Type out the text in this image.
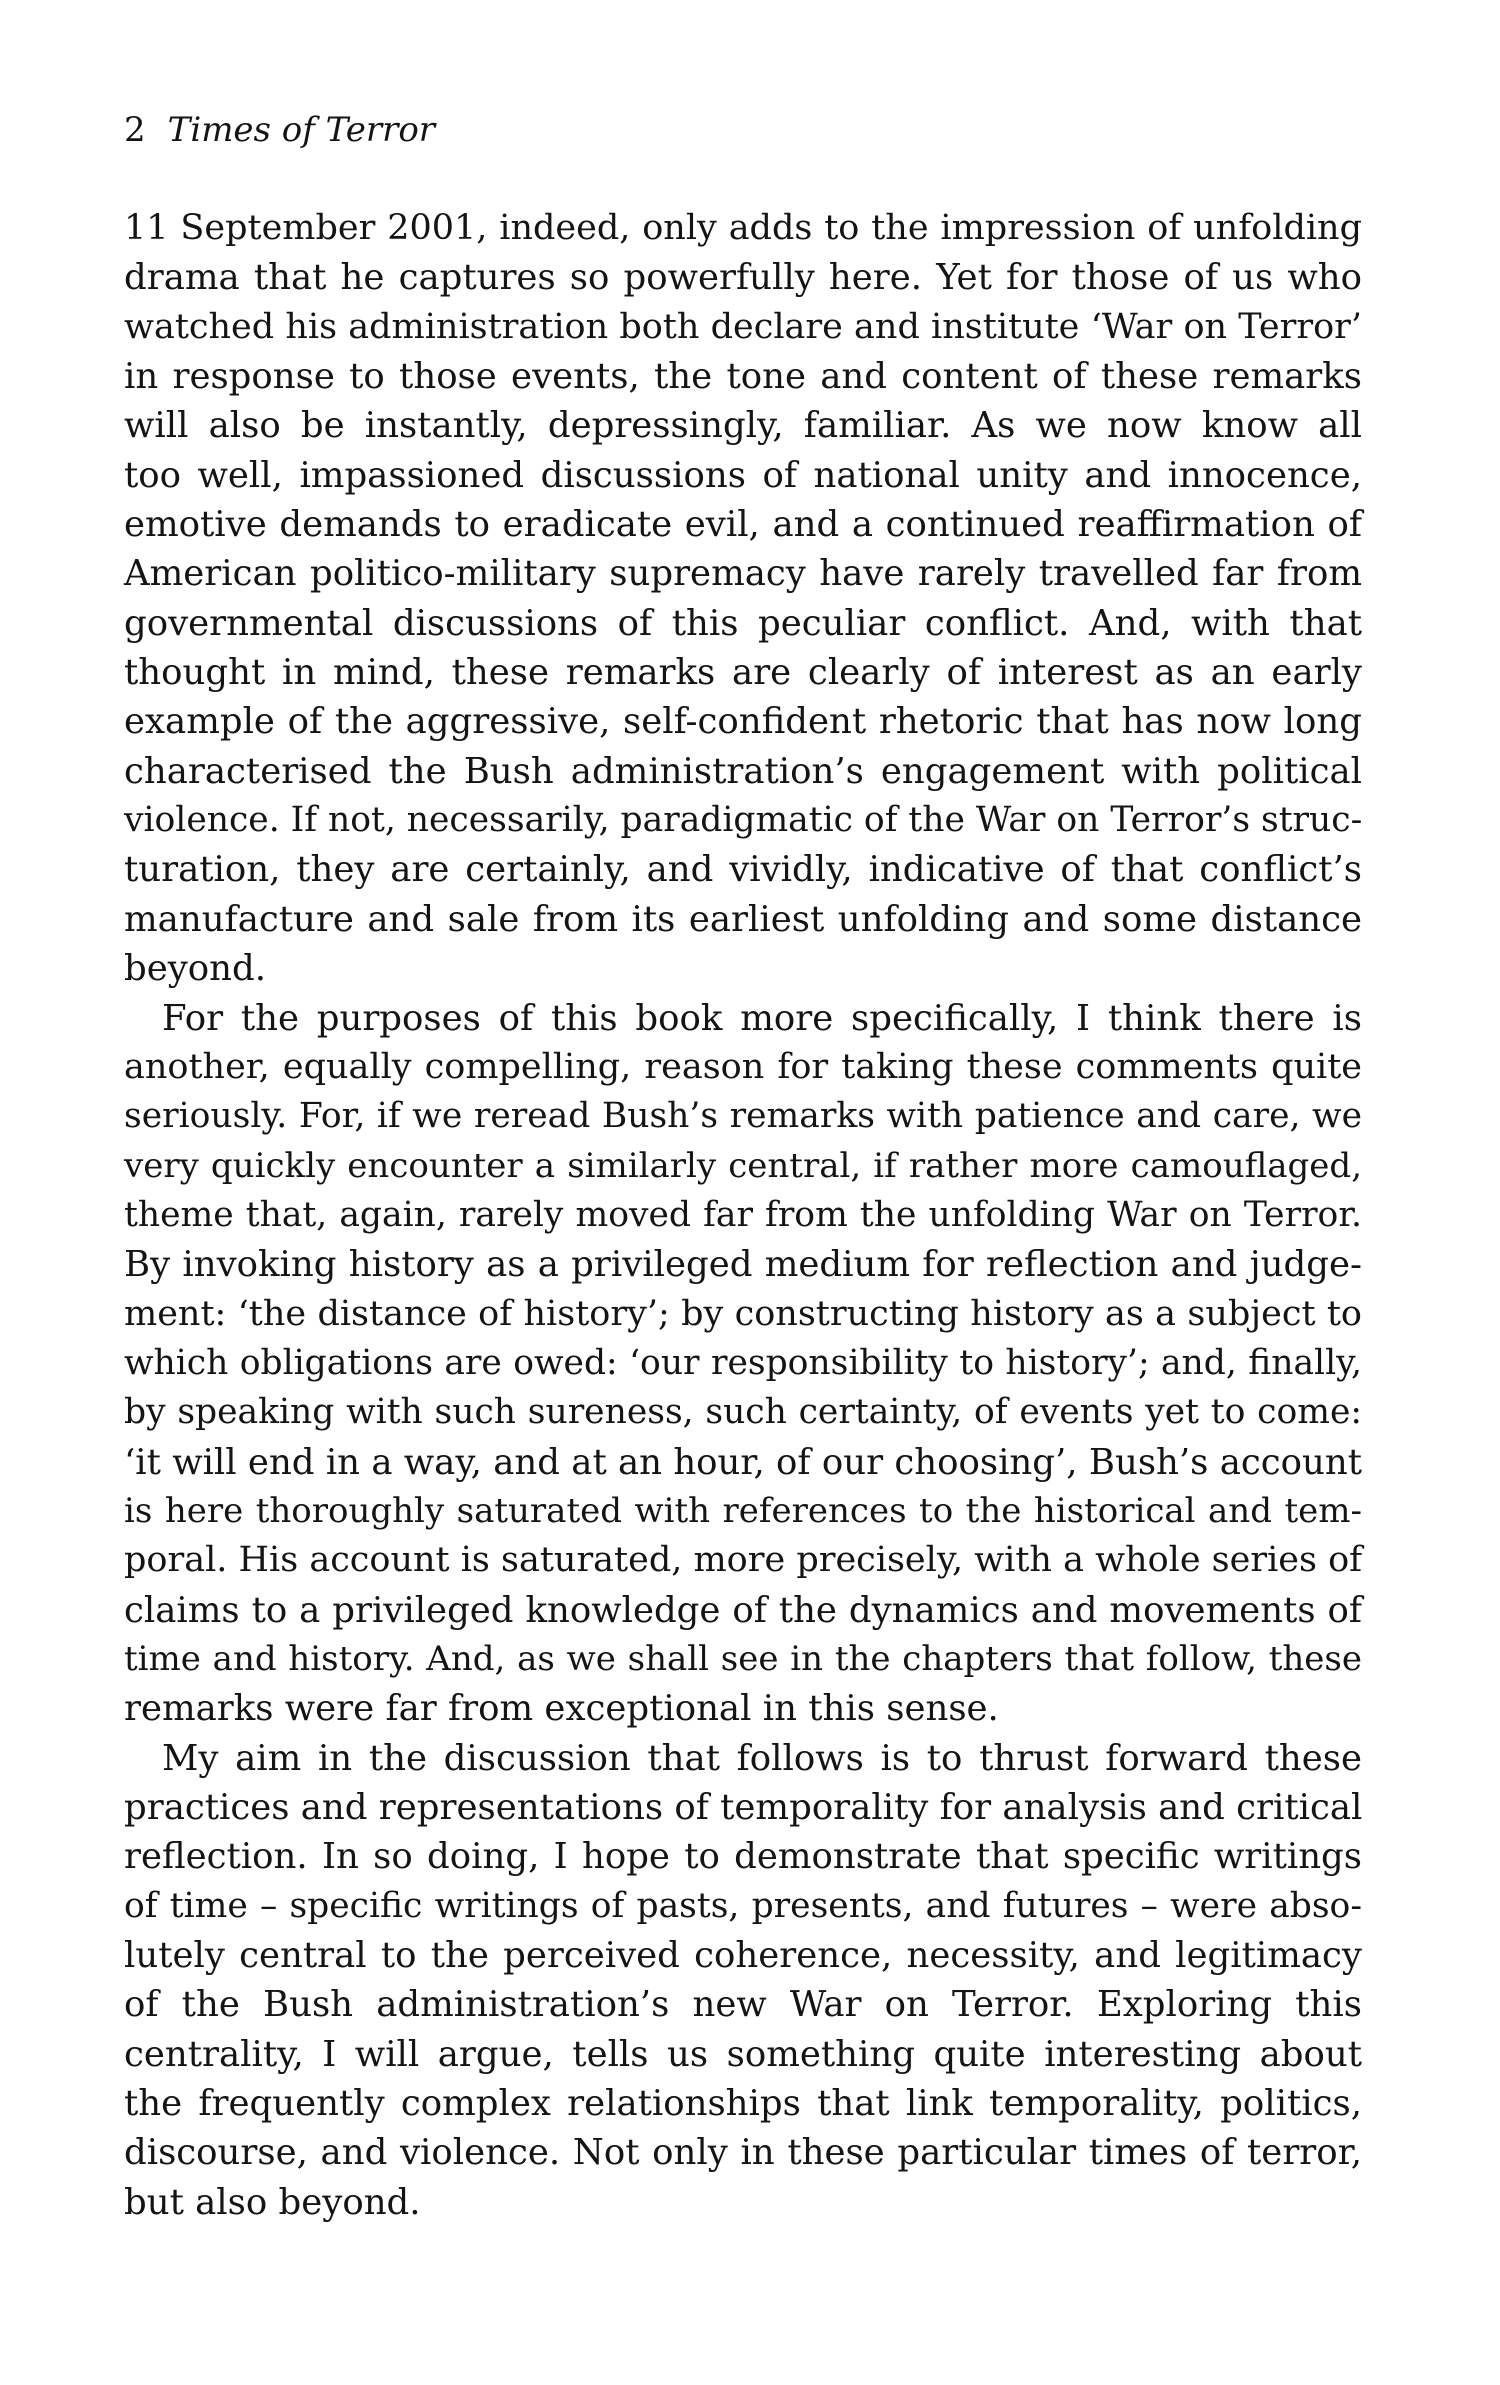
2 Times of Terror
11 September 2001, indeed, only adds to the impression of unfolding
drama that he captures so powerfully here. Yet for those of us who
watched his administration both declare and institute ‘War on Terror’
in response to those events, the tone and content of these remarks
will also be instantly, depressingly, familiar. As we now know all
too well, impassioned discussions of national unity and innocence,
emotive demands to eradicate evil, and a continued reaffirmation of
American politico-military supremacy have rarely travelled far from
governmental discussions of this peculiar conflict. And, with that
thought in mind, these remarks are clearly of interest as an early
example of the aggressive, self-confident rhetoric that has now long
characterised the Bush administration’s engagement with political
violence. If not, necessarily, paradigmatic of the War on Terror’s struc-
turation, they are certainly, and vividly, indicative of that conflict’s
manufacture and sale from its earliest unfolding and some distance
beyond.
For the purposes of this book more specifically, I think there is
another, equally compelling, reason for taking these comments quite
seriously. For, if we reread Bush’s remarks with patience and care, we
very quickly encounter a similarly central, if rather more camouflaged,
theme that, again, rarely moved far from the unfolding War on Terror.
By invoking history as a privileged medium for reflection and judge-
ment: ‘the distance of history’; by constructing history as a subject to
which obligations are owed: ‘our responsibility to history’; and, finally,
by speaking with such sureness, such certainty, of events yet to come:
‘it will end in a way, and at an hour, of our choosing’, Bush’s account
is here thoroughly saturated with references to the historical and tem-
poral. His account is saturated, more precisely, with a whole series of
claims to a privileged knowledge of the dynamics and movements of
time and history. And, as we shall see in the chapters that follow, these
remarks were far from exceptional in this sense.
My aim in the discussion that follows is to thrust forward these
practices and representations of temporality for analysis and critical
reflection. In so doing, I hope to demonstrate that specific writings
of time – specific writings of pasts, presents, and futures – were abso-
lutely central to the perceived coherence, necessity, and legitimacy
of the Bush administration’s new War on Terror. Exploring this
centrality, I will argue, tells us something quite interesting about
the frequently complex relationships that link temporality, politics,
discourse, and violence. Not only in these particular times of terror,
but also beyond.
